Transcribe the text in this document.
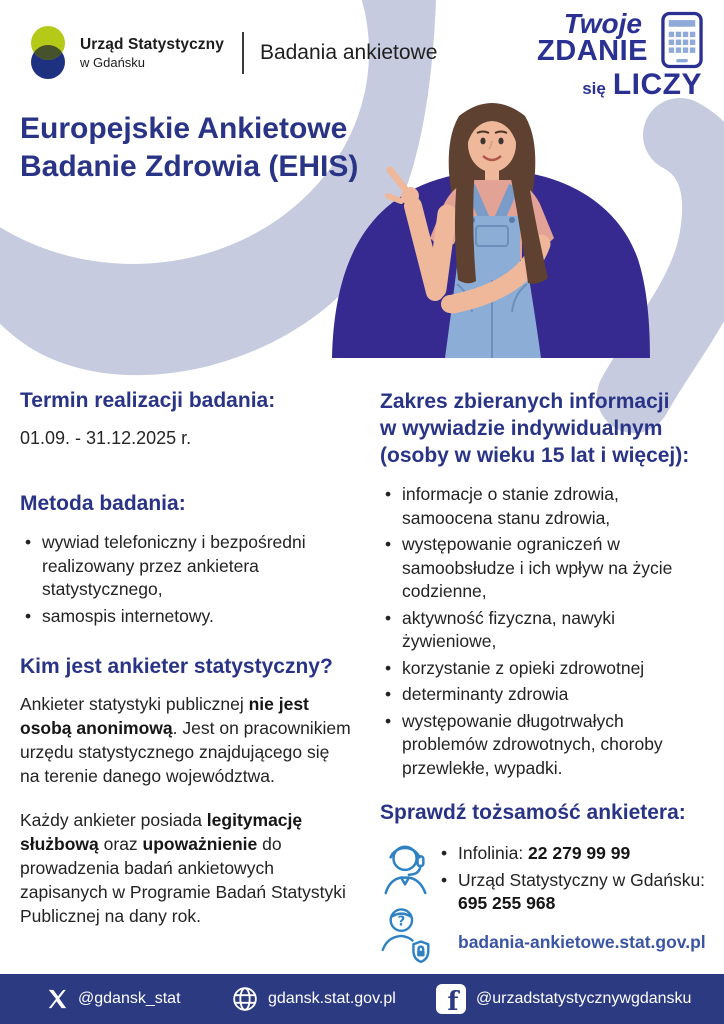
Urząd Statystyczny
w Gdańsku	Badania ankietowe
Twoje
ZDANIE
się LICZY
Europejskie Ankietowe
Badanie Zdrowia (EHIS)
Termin realizacji badania:

01.09. - 31.12.2025 r.

Metoda badania:
• wywiad telefoniczny i bezpośredni realizowany przez ankietera statystycznego,
• samospis internetowy.
Kim jest ankieter statystyczny?

Ankieter statystyki publicznej nie jest osobą anonimową. Jest on pracownikiem urzędu statystycznego znajdującego się na terenie danego województwa.

Każdy ankieter posiada legitymację służbową oraz upoważnienie do prowadzenia badań ankietowych zapisanych w Programie Badań Statystyki Publicznej na dany rok.

Zakres zbieranych informacji
w wywiadzie indywidualnym
(osoby w wieku 15 lat i więcej):
• informacje o stanie zdrowia, samoocena stanu zdrowia,
• występowanie ograniczeń w samoobsłudze i ich wpływ na życie codzienne,
• aktywność fizyczna, nawyki żywieniowe,
• korzystanie z opieki zdrowotnej
• determinanty zdrowia
• występowanie długotrwałych problemów zdrowotnych, choroby przewlekłe, wypadki.
Sprawdź tożsamość ankietera:
?
• Infolinia: 22 279 99 99
• Urząd Statystyczny w Gdańsku:
695 255 968
badania-ankietowe.stat.gov.pl
@gdansk_stat	gdansk.stat.gov.pl f @urzadstatystycznywgdansku
